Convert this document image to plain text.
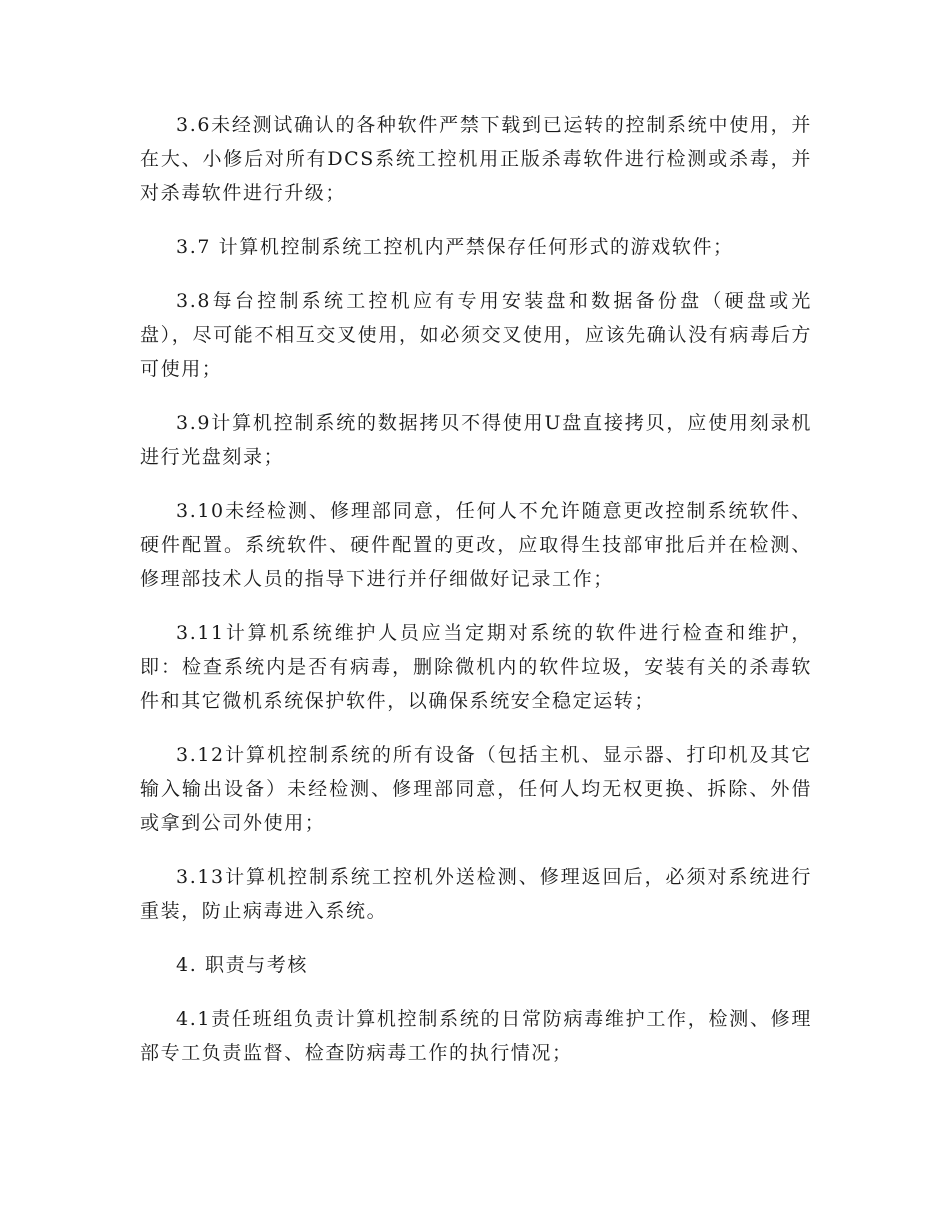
3.6未经测试确认的各种软件严禁下载到已运转的控制系统中使用，并在大、小修后对所有DCS系统工控机用正版杀毒软件进行检测或杀毒，并对杀毒软件进行升级；

3.7 计算机控制系统工控机内严禁保存任何形式的游戏软件；

3.8每台控制系统工控机应有专用安装盘和数据备份盘（硬盘或光盘），尽可能不相互交叉使用，如必须交叉使用，应该先确认没有病毒后方可使用；

3.9计算机控制系统的数据拷贝不得使用U盘直接拷贝，应使用刻录机进行光盘刻录；

3.10未经检测、修理部同意，任何人不允许随意更改控制系统软件、硬件配置。系统软件、硬件配置的更改，应取得生技部审批后并在检测、修理部技术人员的指导下进行并仔细做好记录工作；

3.11计算机系统维护人员应当定期对系统的软件进行检查和维护，即：检查系统内是否有病毒，删除微机内的软件垃圾，安装有关的杀毒软件和其它微机系统保护软件，以确保系统安全稳定运转；

3.12计算机控制系统的所有设备（包括主机、显示器、打印机及其它输入输出设备）未经检测、修理部同意，任何人均无权更换、拆除、外借或拿到公司外使用；

3.13计算机控制系统工控机外送检测、修理返回后，必须对系统进行重装，防止病毒进入系统。

4. 职责与考核

4.1责任班组负责计算机控制系统的日常防病毒维护工作，检测、修理部专工负责监督、检查防病毒工作的执行情况；
